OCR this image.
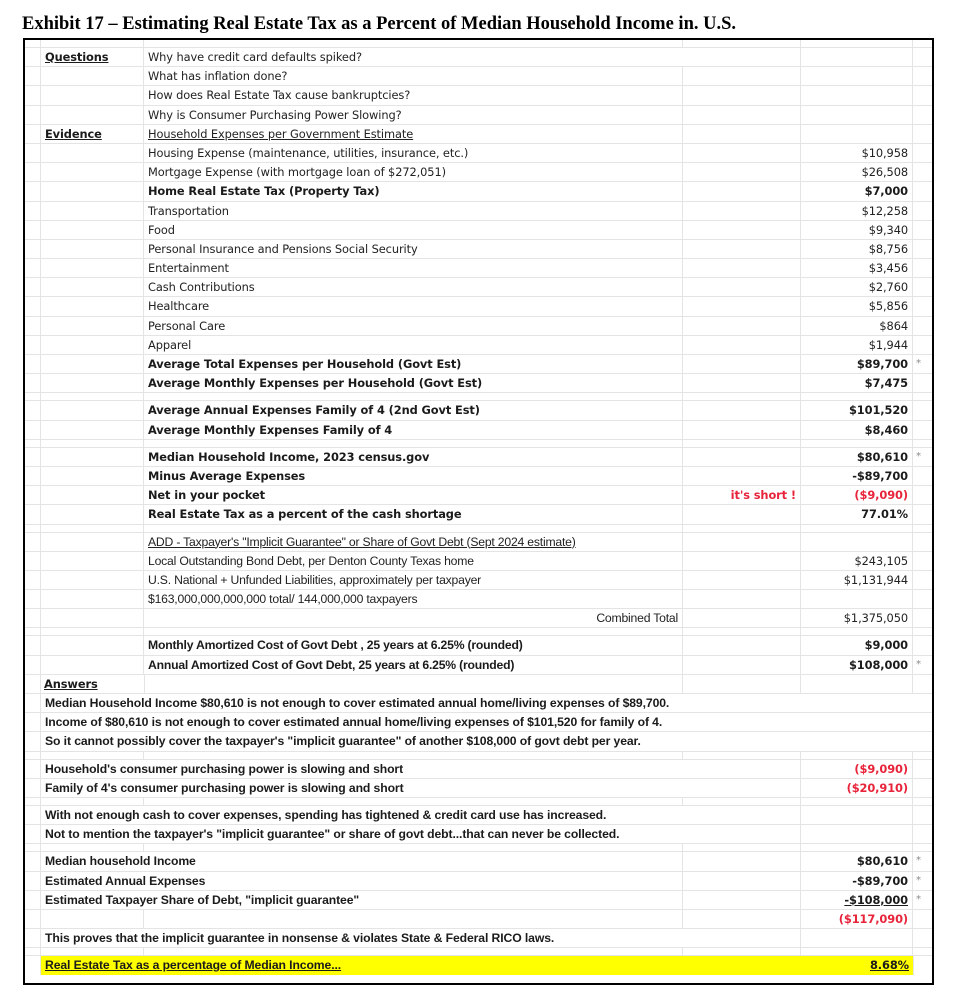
Exhibit 17 – Estimating Real Estate Tax as a Percent of Median Household Income in. U.S.
Questions	Why have credit card defaults spiked?
What has inflation done?
How does Real Estate Tax cause bankruptcies?
Why is Consumer Purchasing Power Slowing?
Evidence	Household Expenses per Government Estimate
Housing Expense (maintenance, utilities, insurance, etc.)	$10,958
Mortgage Expense (with mortgage loan of $272,051)	$26,508
Home Real Estate Tax (Property Tax)	$7,000
Transportation	$12,258
Food	$9,340
Personal Insurance and Pensions Social Security	$8,756
Entertainment	$3,456
Cash Contributions	$2,760
Healthcare	$5,856
Personal Care	$864
Apparel	$1,944
Average Total Expenses per Household (Govt Est)	$89,700 *
Average Monthly Expenses per Household (Govt Est)	$7,475
Average Annual Expenses Family of 4 (2nd Govt Est)	$101,520
Average Monthly Expenses Family of 4	$8,460
Median Household Income, 2023 census.gov	$80,610 *
Minus Average Expenses	-$89,700
Net in your pocket	it's short !	($9,090)
Real Estate Tax as a percent of the cash shortage	77.01%
ADD - Taxpayer's "Implicit Guarantee" or Share of Govt Debt (Sept 2024 estimate)
Local Outstanding Bond Debt, per Denton County Texas home	$243,105
U.S. National + Unfunded Liabilities, approximately per taxpayer	$1,131,944
$163,000,000,000,000 total/ 144,000,000 taxpayers
Combined Total	$1,375,050
Monthly Amortized Cost of Govt Debt , 25 years at 6.25% (rounded)	$9,000
Annual Amortized Cost of Govt Debt, 25 years at 6.25% (rounded)	$108,000 *
Answers
Median Household Income $80,610 is not enough to cover estimated annual home/living expenses of $89,700.
Income of $80,610 is not enough to cover estimated annual home/living expenses of $101,520 for family of 4.
So it cannot possibly cover the taxpayer's "implicit guarantee" of another $108,000 of govt debt per year.
Household's consumer purchasing power is slowing and short	($9,090)
Family of 4's consumer purchasing power is slowing and short	($20,910)
With not enough cash to cover expenses, spending has tightened & credit card use has increased.
Not to mention the taxpayer's "implicit guarantee" or share of govt debt...that can never be collected.
Median household Income	$80,610 *
Estimated Annual Expenses	-$89,700 *
Estimated Taxpayer Share of Debt, "implicit guarantee"	-$108,000 *
($117,090)
This proves that the implicit guarantee in nonsense & violates State & Federal RICO laws.
Real Estate Tax as a percentage of Median Income...	8.68%
